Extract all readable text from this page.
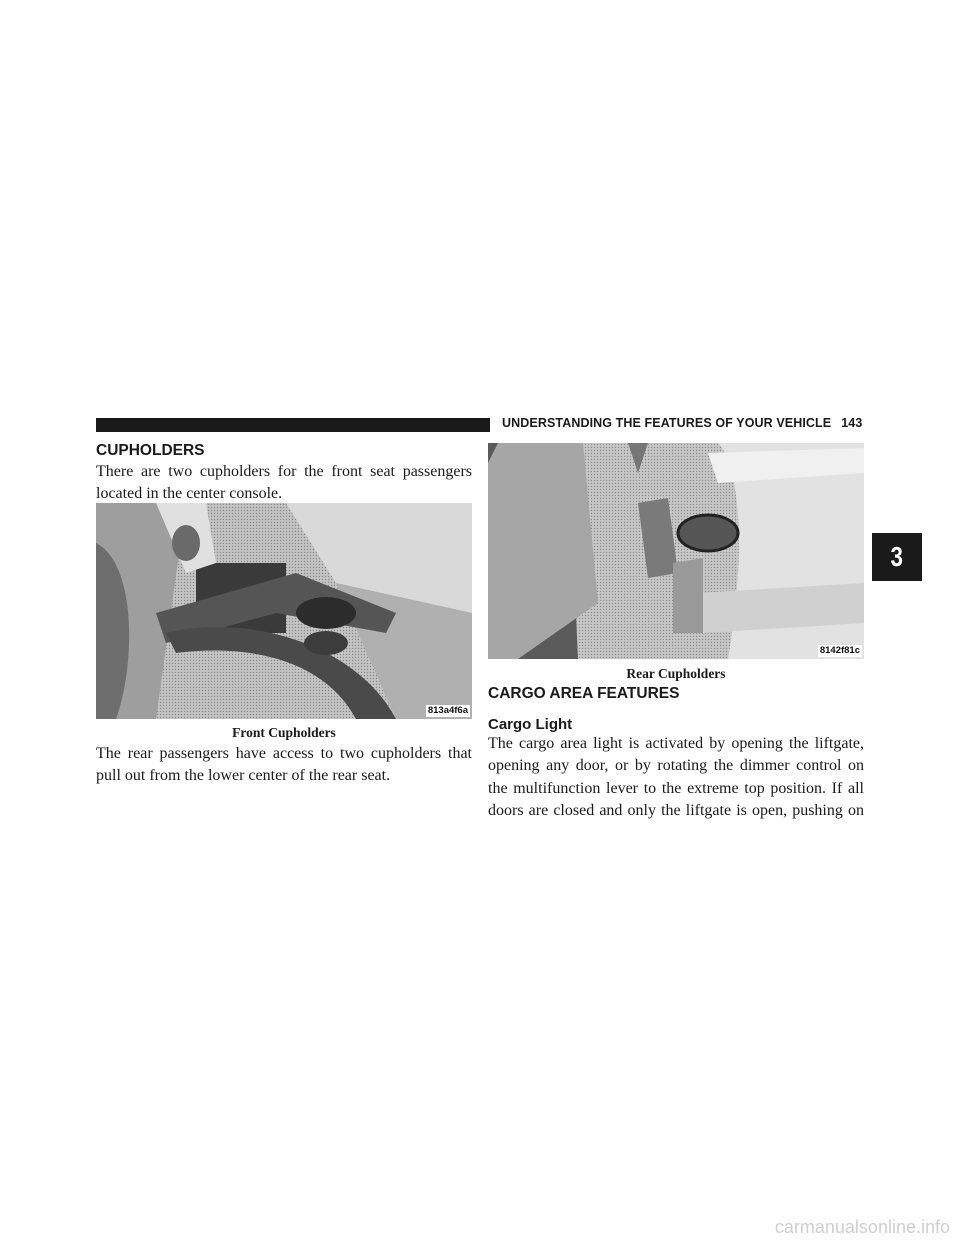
UNDERSTANDING THE FEATURES OF YOUR VEHICLE 143
CUPHOLDERS

There are two cupholders for the front seat passengers
located in the center console.

813a4f6a
Front Cupholders

The rear passengers have access to two cupholders that
pull out from the lower center of the rear seat.

8142f81c
Rear Cupholders
CARGO AREA FEATURES
Cargo Light

The cargo area light is activated by opening the liftgate,
opening any door, or by rotating the dimmer control on
the multifunction lever to the extreme top position. If all
doors are closed and only the liftgate is open, pushing on

3
carmanualsonline.info
